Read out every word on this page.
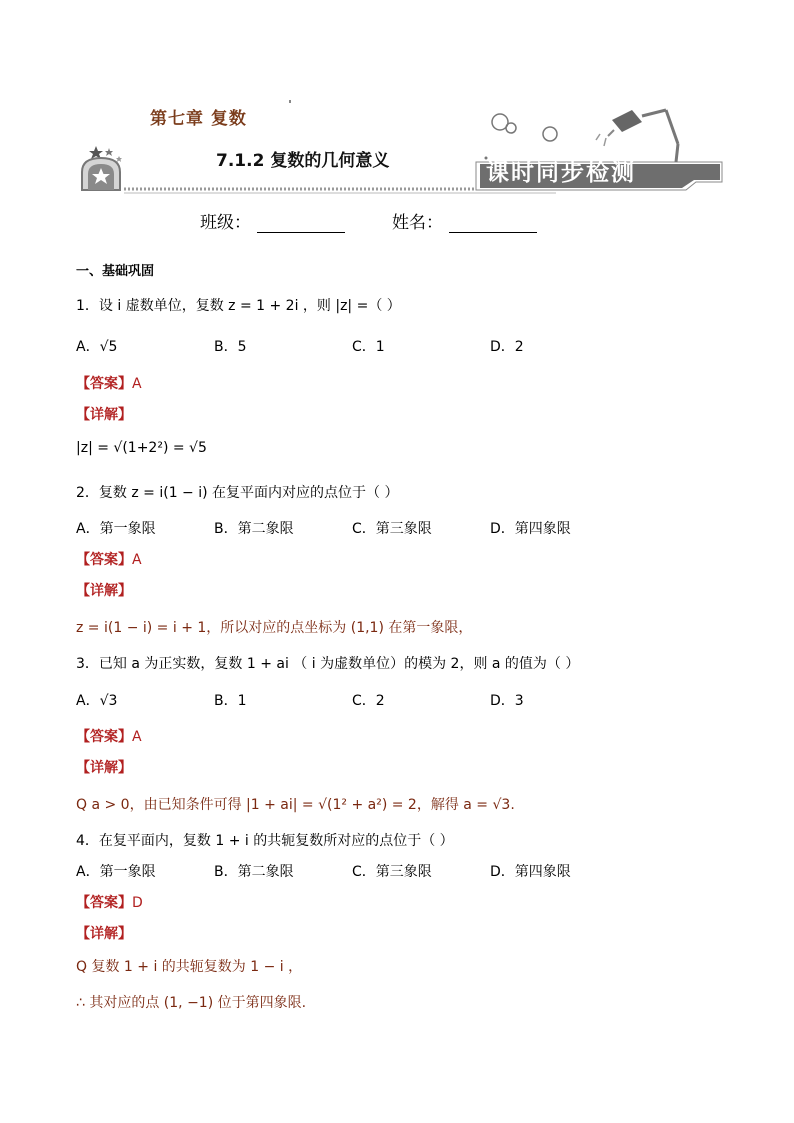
第七章 复数
7.1.2 复数的几何意义	课时同步检测
班级：	姓名：
一、基础巩固
1．设 i 虚数单位，复数 z = 1 + 2i ，则 |z| =（ ）
A．√5	B．5	C．1	D．2
【答案】A
【详解】
|z| = √(1+2²) = √5
2．复数 z = i(1 − i) 在复平面内对应的点位于（ ）
A．第一象限	B．第二象限	C．第三象限	D．第四象限
【答案】A
【详解】
z = i(1 − i) = i + 1，所以对应的点坐标为 (1,1) 在第一象限，
3．已知 a 为正实数，复数 1 + ai （ i 为虚数单位）的模为 2，则 a 的值为（ ）
A．√3	B．1	C．2	D．3
【答案】A
【详解】
Q a > 0，由已知条件可得 |1 + ai| = √(1² + a²) = 2，解得 a = √3.
4．在复平面内，复数 1 + i 的共轭复数所对应的点位于（ ）
A．第一象限	B．第二象限	C．第三象限	D．第四象限
【答案】D
【详解】
Q 复数 1 + i 的共轭复数为 1 − i ，
∴ 其对应的点 (1, −1) 位于第四象限.
